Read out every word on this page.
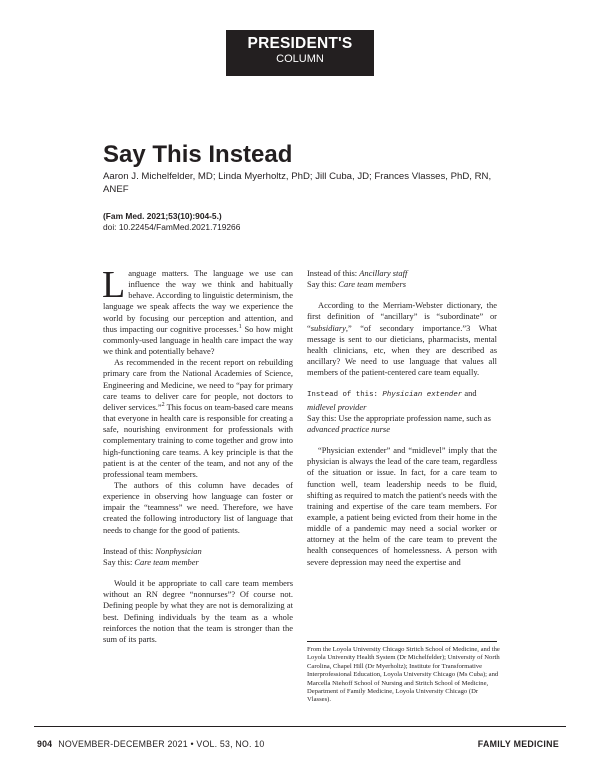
PRESIDENT'S
COLUMN
Say This Instead
Aaron J. Michelfelder, MD; Linda Myerholtz, PhD; Jill Cuba, JD; Frances Vlasses, PhD, RN, ANEF
(Fam Med. 2021;53(10):904-5.)
doi: 10.22454/FamMed.2021.719266

Language matters. The language we use can influence the way we think and habitually behave. According to linguistic determinism, the language we speak affects the way we experience the world by focusing our perception and attention, and thus impacting our cognitive processes.$^1$ So how might commonly-used language in health care impact the way we think and potentially behave?

As recommended in the recent report on rebuilding primary care from the National Academies of Science, Engineering and Medicine, we need to “pay for primary care teams to deliver care for people, not doctors to deliver services.”$^2$ This focus on team-based care means that everyone in health care is responsible for creating a safe, nourishing environment for professionals with complementary training to come together and grow into high-functioning care teams. A key principle is that the patient is at the center of the team, and not any of the professional team members.

The authors of this column have decades of experience in observing how language can foster or impair the “teamness” we need. Therefore, we have created the following introductory list of language that needs to change for the good of patients.

Instead of this: Nonphysician

Say this: Care team member

Would it be appropriate to call care team members without an RN degree “nonnurses”? Of course not. Defining people by what they are not is demoralizing at best. Defining individuals by the team as a whole reinforces the notion that the team is stronger than the sum of its parts.

Instead of this: Ancillary staff

Say this: Care team members

According to the Merriam-Webster dictionary, the first definition of “ancillary” is “subordinate” or “subsidiary,” “of secondary importance.”3 What message is sent to our dieticians, pharmacists, mental health clinicians, etc, when they are described as ancillary? We need to use language that values all members of the patient-centered care team equally.

Instead of this: Physician extender and midlevel provider

Say this: Use the appropriate profession name, such as advanced practice nurse

“Physician extender” and “midlevel” imply that the physician is always the lead of the care team, regardless of the situation or issue. In fact, for a care team to function well, team leadership needs to be fluid, shifting as required to match the patient's needs with the training and expertise of the care team members. For example, a patient being evicted from their home in the middle of a pandemic may need a social worker or attorney at the helm of the care team to prevent the health consequences of homelessness. A person with severe depression may need the expertise and

From the Loyola University Chicago Stritch School of Medicine, and the Loyola University Health System (Dr Michelfelder); University of North Carolina, Chapel Hill (Dr Myerholtz); Institute for Transformative Interprofessional Education, Loyola University Chicago (Ms Cuba); and Marcella Niehoff School of Nursing and Stritch School of Medicine, Department of Family Medicine, Loyola University Chicago (Dr Vlasses).
904 NOVEMBER-DECEMBER 2021 • VOL. 53, NO. 10	FAMILY MEDICINE
